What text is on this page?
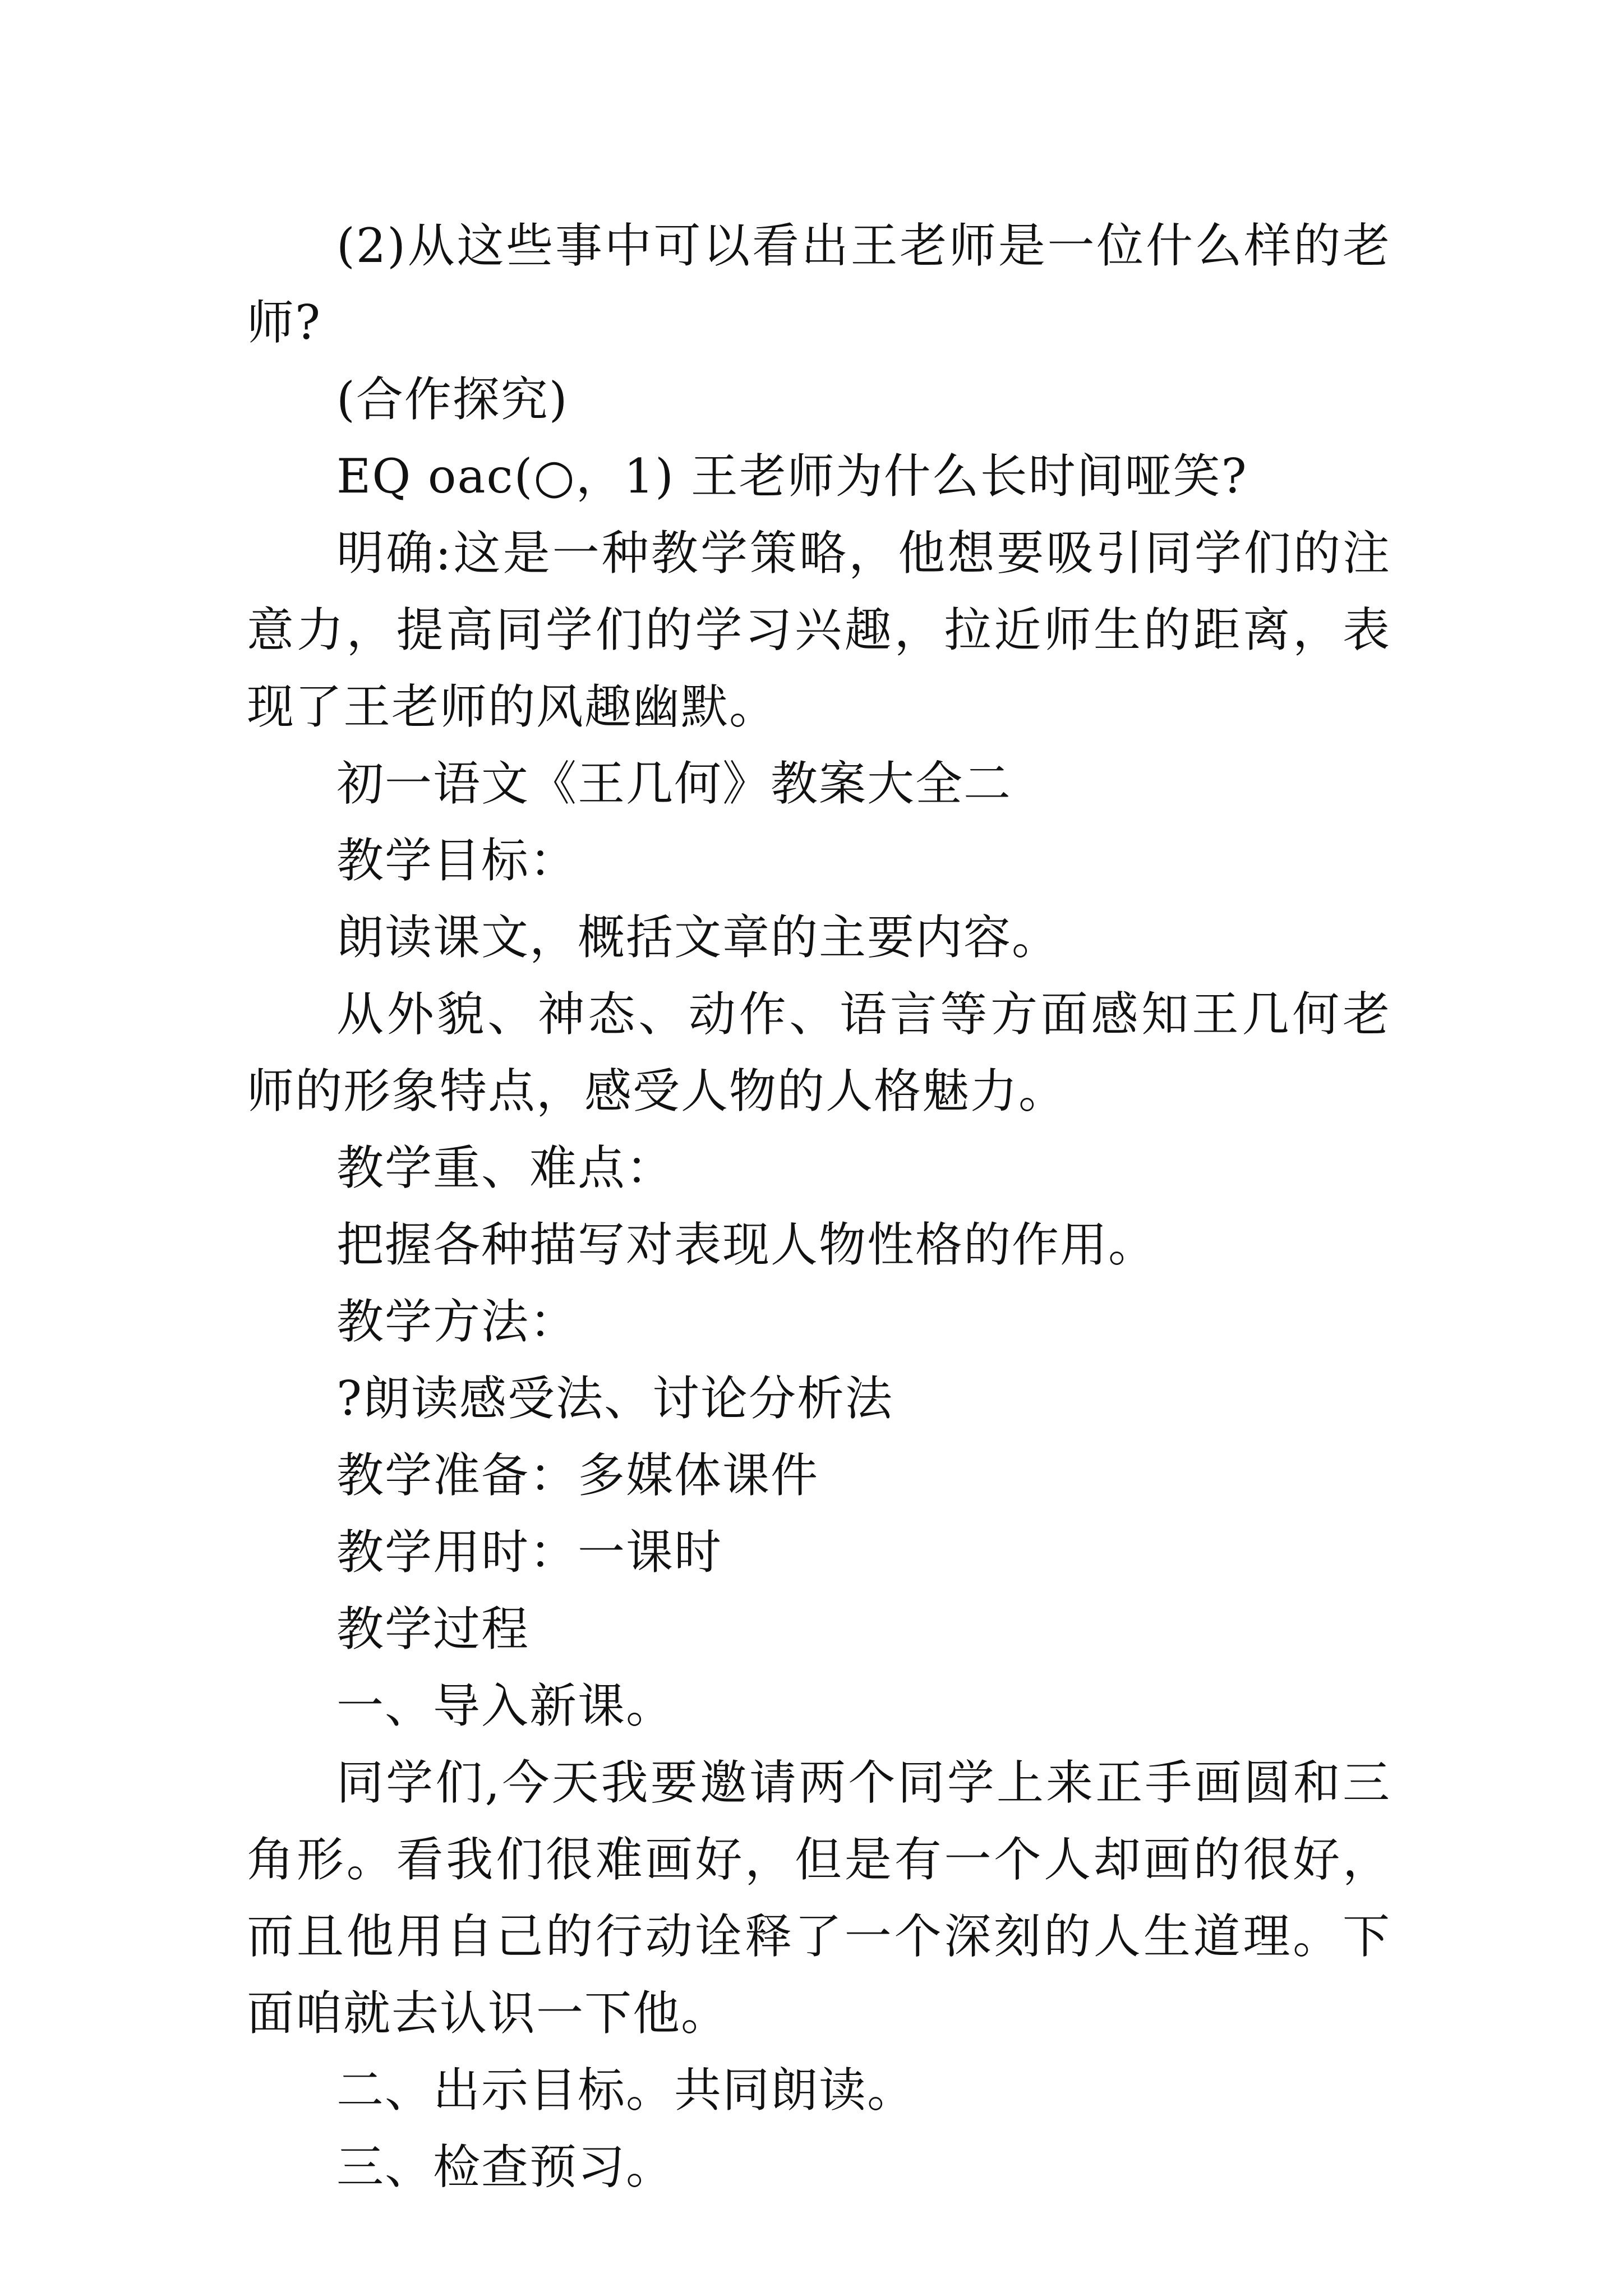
(2)从这些事中可以看出王老师是一位什么样的老师?

(合作探究)

EQ oac(○，1) 王老师为什么长时间哑笑?

明确:这是一种教学策略，他想要吸引同学们的注意力，提高同学们的学习兴趣，拉近师生的距离，表现了王老师的风趣幽默。

初一语文《王几何》教案大全二

教学目标：

朗读课文，概括文章的主要内容。

从外貌、神态、动作、语言等方面感知王几何老师的形象特点，感受人物的人格魅力。

教学重、难点：

把握各种描写对表现人物性格的作用。

教学方法：

?朗读感受法、讨论分析法

教学准备：多媒体课件

教学用时：一课时

教学过程

一、导入新课。

同学们,今天我要邀请两个同学上来正手画圆和三角形。看我们很难画好，但是有一个人却画的很好，而且他用自己的行动诠释了一个深刻的人生道理。下面咱就去认识一下他。

二、出示目标。共同朗读。

三、检查预习。
